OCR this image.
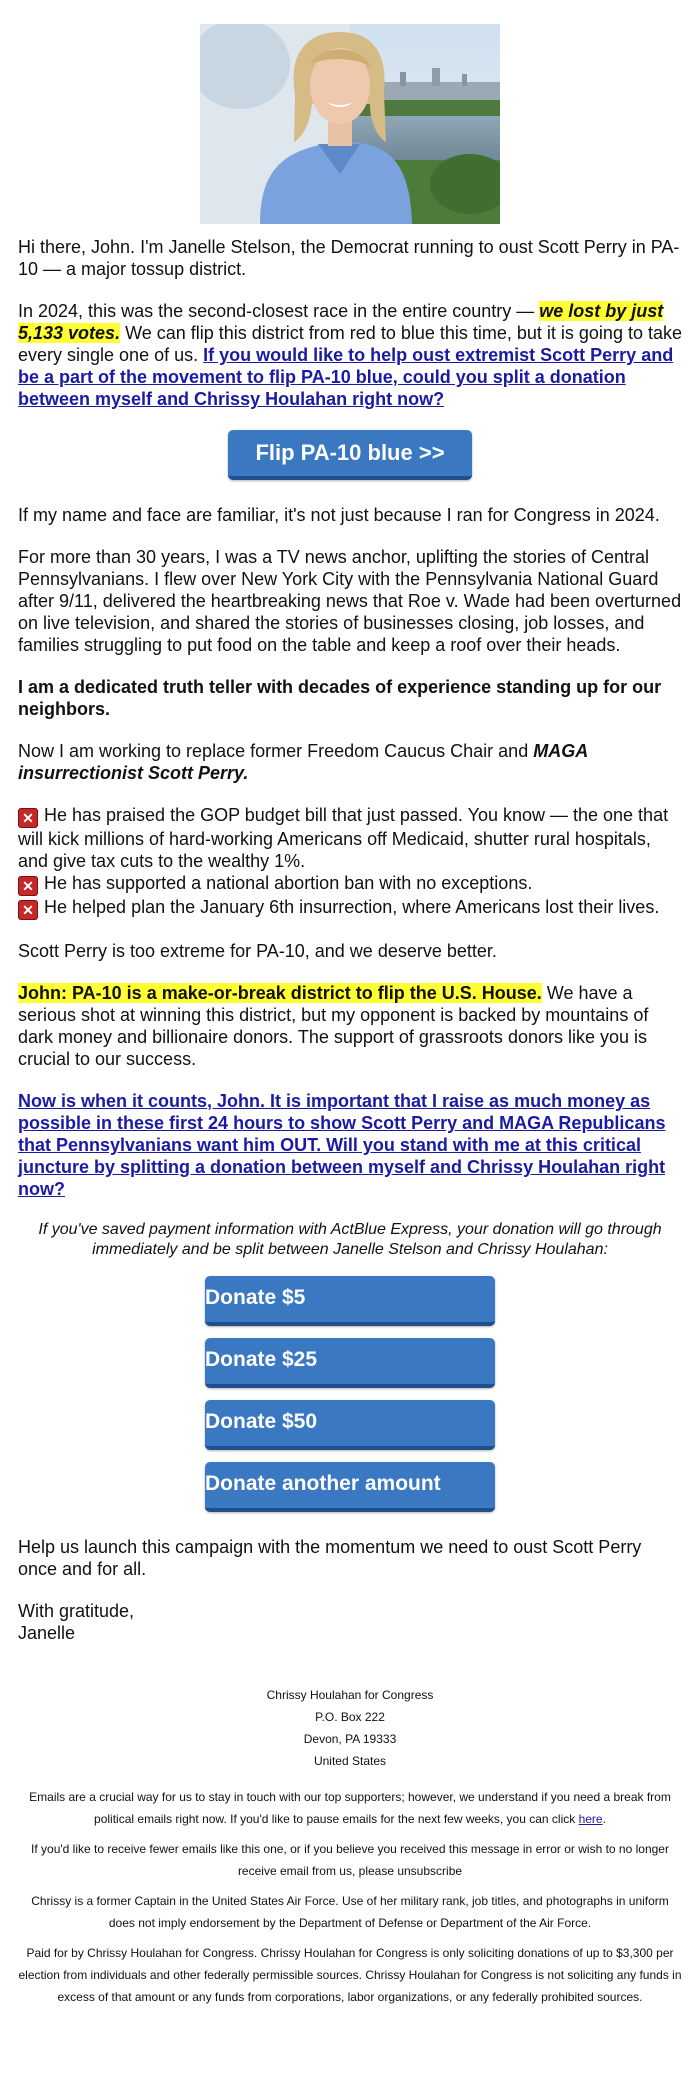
Hi there, John. I'm Janelle Stelson, the Democrat running to oust Scott Perry in PA-10 — a major tossup district.

In 2024, this was the second-closest race in the entire country — we lost by just 5,133 votes. We can flip this district from red to blue this time, but it is going to take every single one of us. If you would like to help oust extremist Scott Perry and be a part of the movement to flip PA-10 blue, could you split a donation between myself and Chrissy Houlahan right now?

Flip PA-10 blue >>

If my name and face are familiar, it's not just because I ran for Congress in 2024.

For more than 30 years, I was a TV news anchor, uplifting the stories of Central Pennsylvanians. I flew over New York City with the Pennsylvania National Guard after 9/11, delivered the heartbreaking news that Roe v. Wade had been overturned on live television, and shared the stories of businesses closing, job losses, and families struggling to put food on the table and keep a roof over their heads.

I am a dedicated truth teller with decades of experience standing up for our neighbors.

Now I am working to replace former Freedom Caucus Chair and MAGA insurrectionist Scott Perry.

✕ He has praised the GOP budget bill that just passed. You know — the one that will kick millions of hard-working Americans off Medicaid, shutter rural hospitals, and give tax cuts to the wealthy 1%.
✕ He has supported a national abortion ban with no exceptions.
✕ He helped plan the January 6th insurrection, where Americans lost their lives.

Scott Perry is too extreme for PA-10, and we deserve better.

John: PA-10 is a make-or-break district to flip the U.S. House. We have a serious shot at winning this district, but my opponent is backed by mountains of dark money and billionaire donors. The support of grassroots donors like you is crucial to our success.

Now is when it counts, John. It is important that I raise as much money as possible in these first 24 hours to show Scott Perry and MAGA Republicans that Pennsylvanians want him OUT. Will you stand with me at this critical juncture by splitting a donation between myself and Chrissy Houlahan right now?

If you've saved payment information with ActBlue Express, your donation will go through immediately and be split between Janelle Stelson and Chrissy Houlahan:
Donate $5
Donate $25
Donate $50
Donate another amount

Help us launch this campaign with the momentum we need to oust Scott Perry once and for all.

With gratitude,
Janelle

Chrissy Houlahan for Congress
P.O. Box 222
Devon, PA 19333
United States

Emails are a crucial way for us to stay in touch with our top supporters; however, we understand if you need a break from political emails right now. If you'd like to pause emails for the next few weeks, you can click here.

If you'd like to receive fewer emails like this one, or if you believe you received this message in error or wish to no longer receive email from us, please unsubscribe

Chrissy is a former Captain in the United States Air Force. Use of her military rank, job titles, and photographs in uniform does not imply endorsement by the Department of Defense or Department of the Air Force.

Paid for by Chrissy Houlahan for Congress. Chrissy Houlahan for Congress is only soliciting donations of up to $3,300 per election from individuals and other federally permissible sources. Chrissy Houlahan for Congress is not soliciting any funds in excess of that amount or any funds from corporations, labor organizations, or any federally prohibited sources.
